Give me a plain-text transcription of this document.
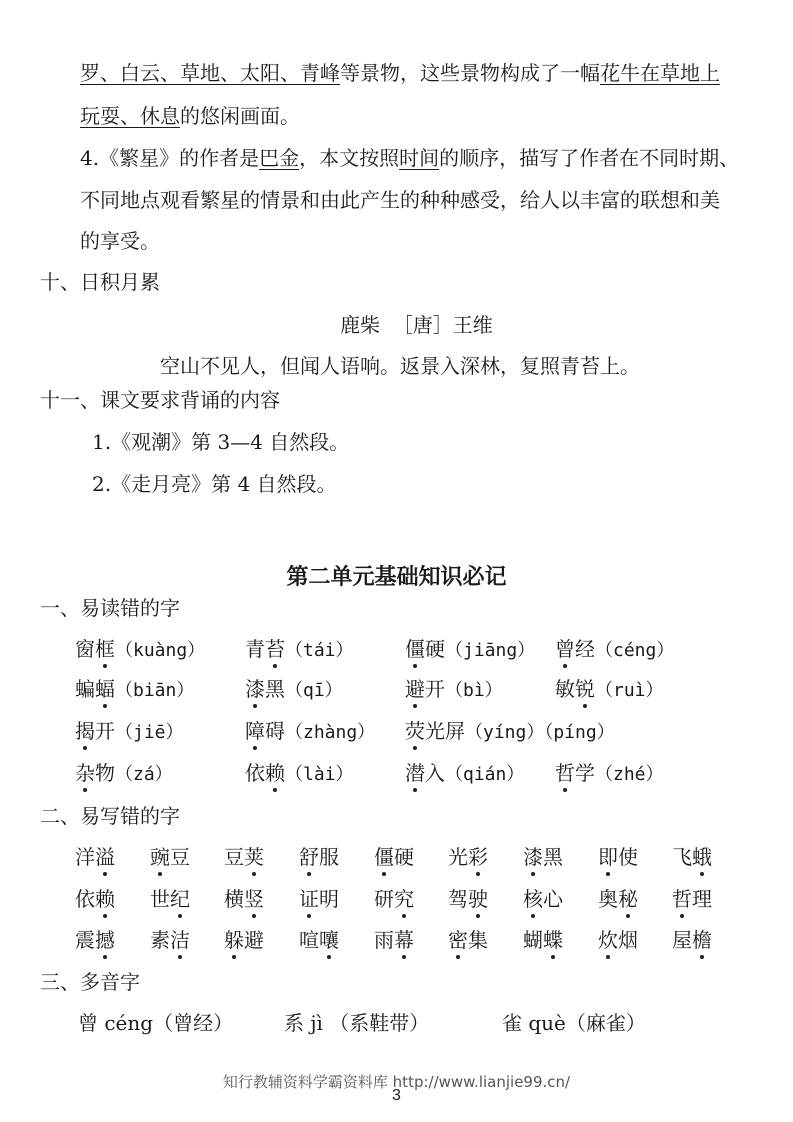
罗、白云、草地、太阳、青峰等景物，这些景物构成了一幅花牛在草地上
玩耍、休息的悠闲画面。
4.《繁星》的作者是巴金，本文按照时间的顺序，描写了作者在不同时期、
不同地点观看繁星的情景和由此产生的种种感受，给人以丰富的联想和美
的享受。
十、日积月累
鹿柴  ［唐］王维
空山不见人，但闻人语响。返景入深林，复照青苔上。
十一、课文要求背诵的内容
1.《观潮》第 3—4 自然段。
2.《走月亮》第 4 自然段。
第二单元基础知识必记
一、易读错的字
窗框（kuàng） 青苔（tái）	僵硬（jiāng） 曾经（céng）
蝙蝠（biān）	漆黑（qī）	避开（bì）	敏锐（ruì）
揭开（jiē）	障碍（zhàng） 荧光屏（yíng）（píng）
杂物（zá）	依赖（lài）	潜入（qián） 哲学（zhé）
二、易写错的字
洋溢 豌豆 豆荚 舒服 僵硬 光彩 漆黑 即使 飞蛾
依赖 世纪 横竖 证明 研究 驾驶 核心 奥秘 哲理
震撼 素洁 躲避 喧嚷 雨幕 密集 蝴蝶 炊烟 屋檐
三、多音字
曾 céng（曾经）	系 jì （系鞋带）	雀 què（麻雀）
知行教辅资料学霸资料库 http://www.lianjie99.cn/
3
